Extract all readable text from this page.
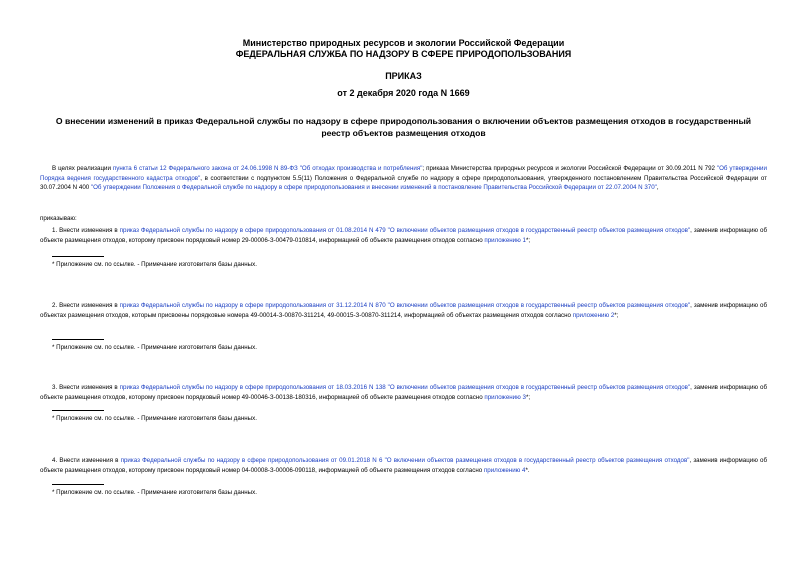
Министерство природных ресурсов и экологии Российской Федерации
ФЕДЕРАЛЬНАЯ СЛУЖБА ПО НАДЗОРУ В СФЕРЕ ПРИРОДОПОЛЬЗОВАНИЯ
ПРИКАЗ
от 2 декабря 2020 года N 1669
О внесении изменений в приказ Федеральной службы по надзору в сфере природопользования о включении объектов размещения отходов в государственный
реестр объектов размещения отходов
В целях реализации пункта 6 статьи 12 Федерального закона от 24.06.1998 N 89-ФЗ "Об отходах производства и потребления"; приказа Министерства природных ресурсов и экологии Российской Федерации от 30.09.2011 N 792 "Об утверждении Порядка ведения государственного кадастра отходов", в соответствии с подпунктом 5.5(11) Положения о Федеральной службе по надзору в сфере природопользования, утвержденного постановлением Правительства Российской Федерации от 30.07.2004 N 400 "Об утверждении Положения о Федеральной службе по надзору в сфере природопользования и внесении изменений в постановление Правительства Российской Федерации от 22.07.2004 N 370",
приказываю:
1. Внести изменения в приказ Федеральной службы по надзору в сфере природопользования от 01.08.2014 N 479 "О включении объектов размещения отходов в государственный реестр объектов размещения отходов", заменив информацию об объекте размещения отходов, которому присвоен порядковый номер 29-00006-З-00479-010814, информацией об объекте размещения отходов согласно приложению 1*;
* Приложение см. по ссылке. - Примечание изготовителя базы данных.
2. Внести изменения в приказ Федеральной службы по надзору в сфере природопользования от 31.12.2014 N 870 "О включении объектов размещения отходов в государственный реестр объектов размещения отходов", заменив информацию об объектах размещения отходов, которым присвоены порядковые номера 49-00014-З-00870-311214, 49-00015-З-00870-311214, информацией об объектах размещения отходов согласно приложению 2*;
* Приложение см. по ссылке. - Примечание изготовителя базы данных.
3. Внести изменения в приказ Федеральной службы по надзору в сфере природопользования от 18.03.2016 N 138 "О включении объектов размещения отходов в государственный реестр объектов размещения отходов", заменив информацию об объекте размещения отходов, которому присвоен порядковый номер 49-00046-З-00138-180316, информацией об объекте размещения отходов согласно приложению 3*;
* Приложение см. по ссылке. - Примечание изготовителя базы данных.
4. Внести изменения в приказ Федеральной службы по надзору в сфере природопользования от 09.01.2018 N 6 "О включении объектов размещения отходов в государственный реестр объектов размещения отходов", заменив информацию об объекте размещения отходов, которому присвоен порядковый номер 04-00008-З-00006-090118, информацией об объекте размещения отходов согласно приложению 4*.
* Приложение см. по ссылке. - Примечание изготовителя базы данных.
